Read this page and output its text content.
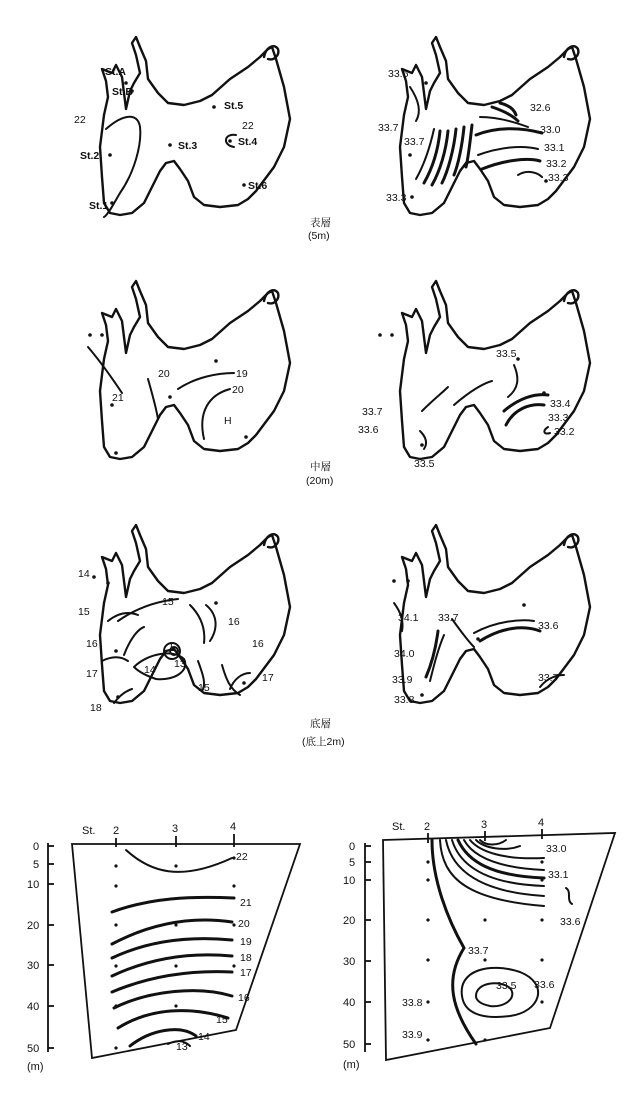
St.A
St.B
St.2
St.1
St.3
St.5
St.4
St.6
22	22
33.6
33.7
33.7
33.3
32.6
33.0
33.1
33.2
33.3
表層
(5m)
21
20	19
20
H
33.5
33.7
33.6
33.5
33.4
33.3
33.2
中層
(20m)
14
15
15
16
16
16
17	17
18
14 13
15
L
34.1 33.7
34.0
33.9
33.8
33.6
33.7
底層
(底上2m)
0
5
10
20
30
40
50
(m)
St. 2	3	4
22
21
20
19
18
17
16
15
14
13
0
5
10
20
30
40
50
(m)
St. 2	3	4
33.0
33.1
33.6
33.7
33.5 33.6
33.8
33.9
